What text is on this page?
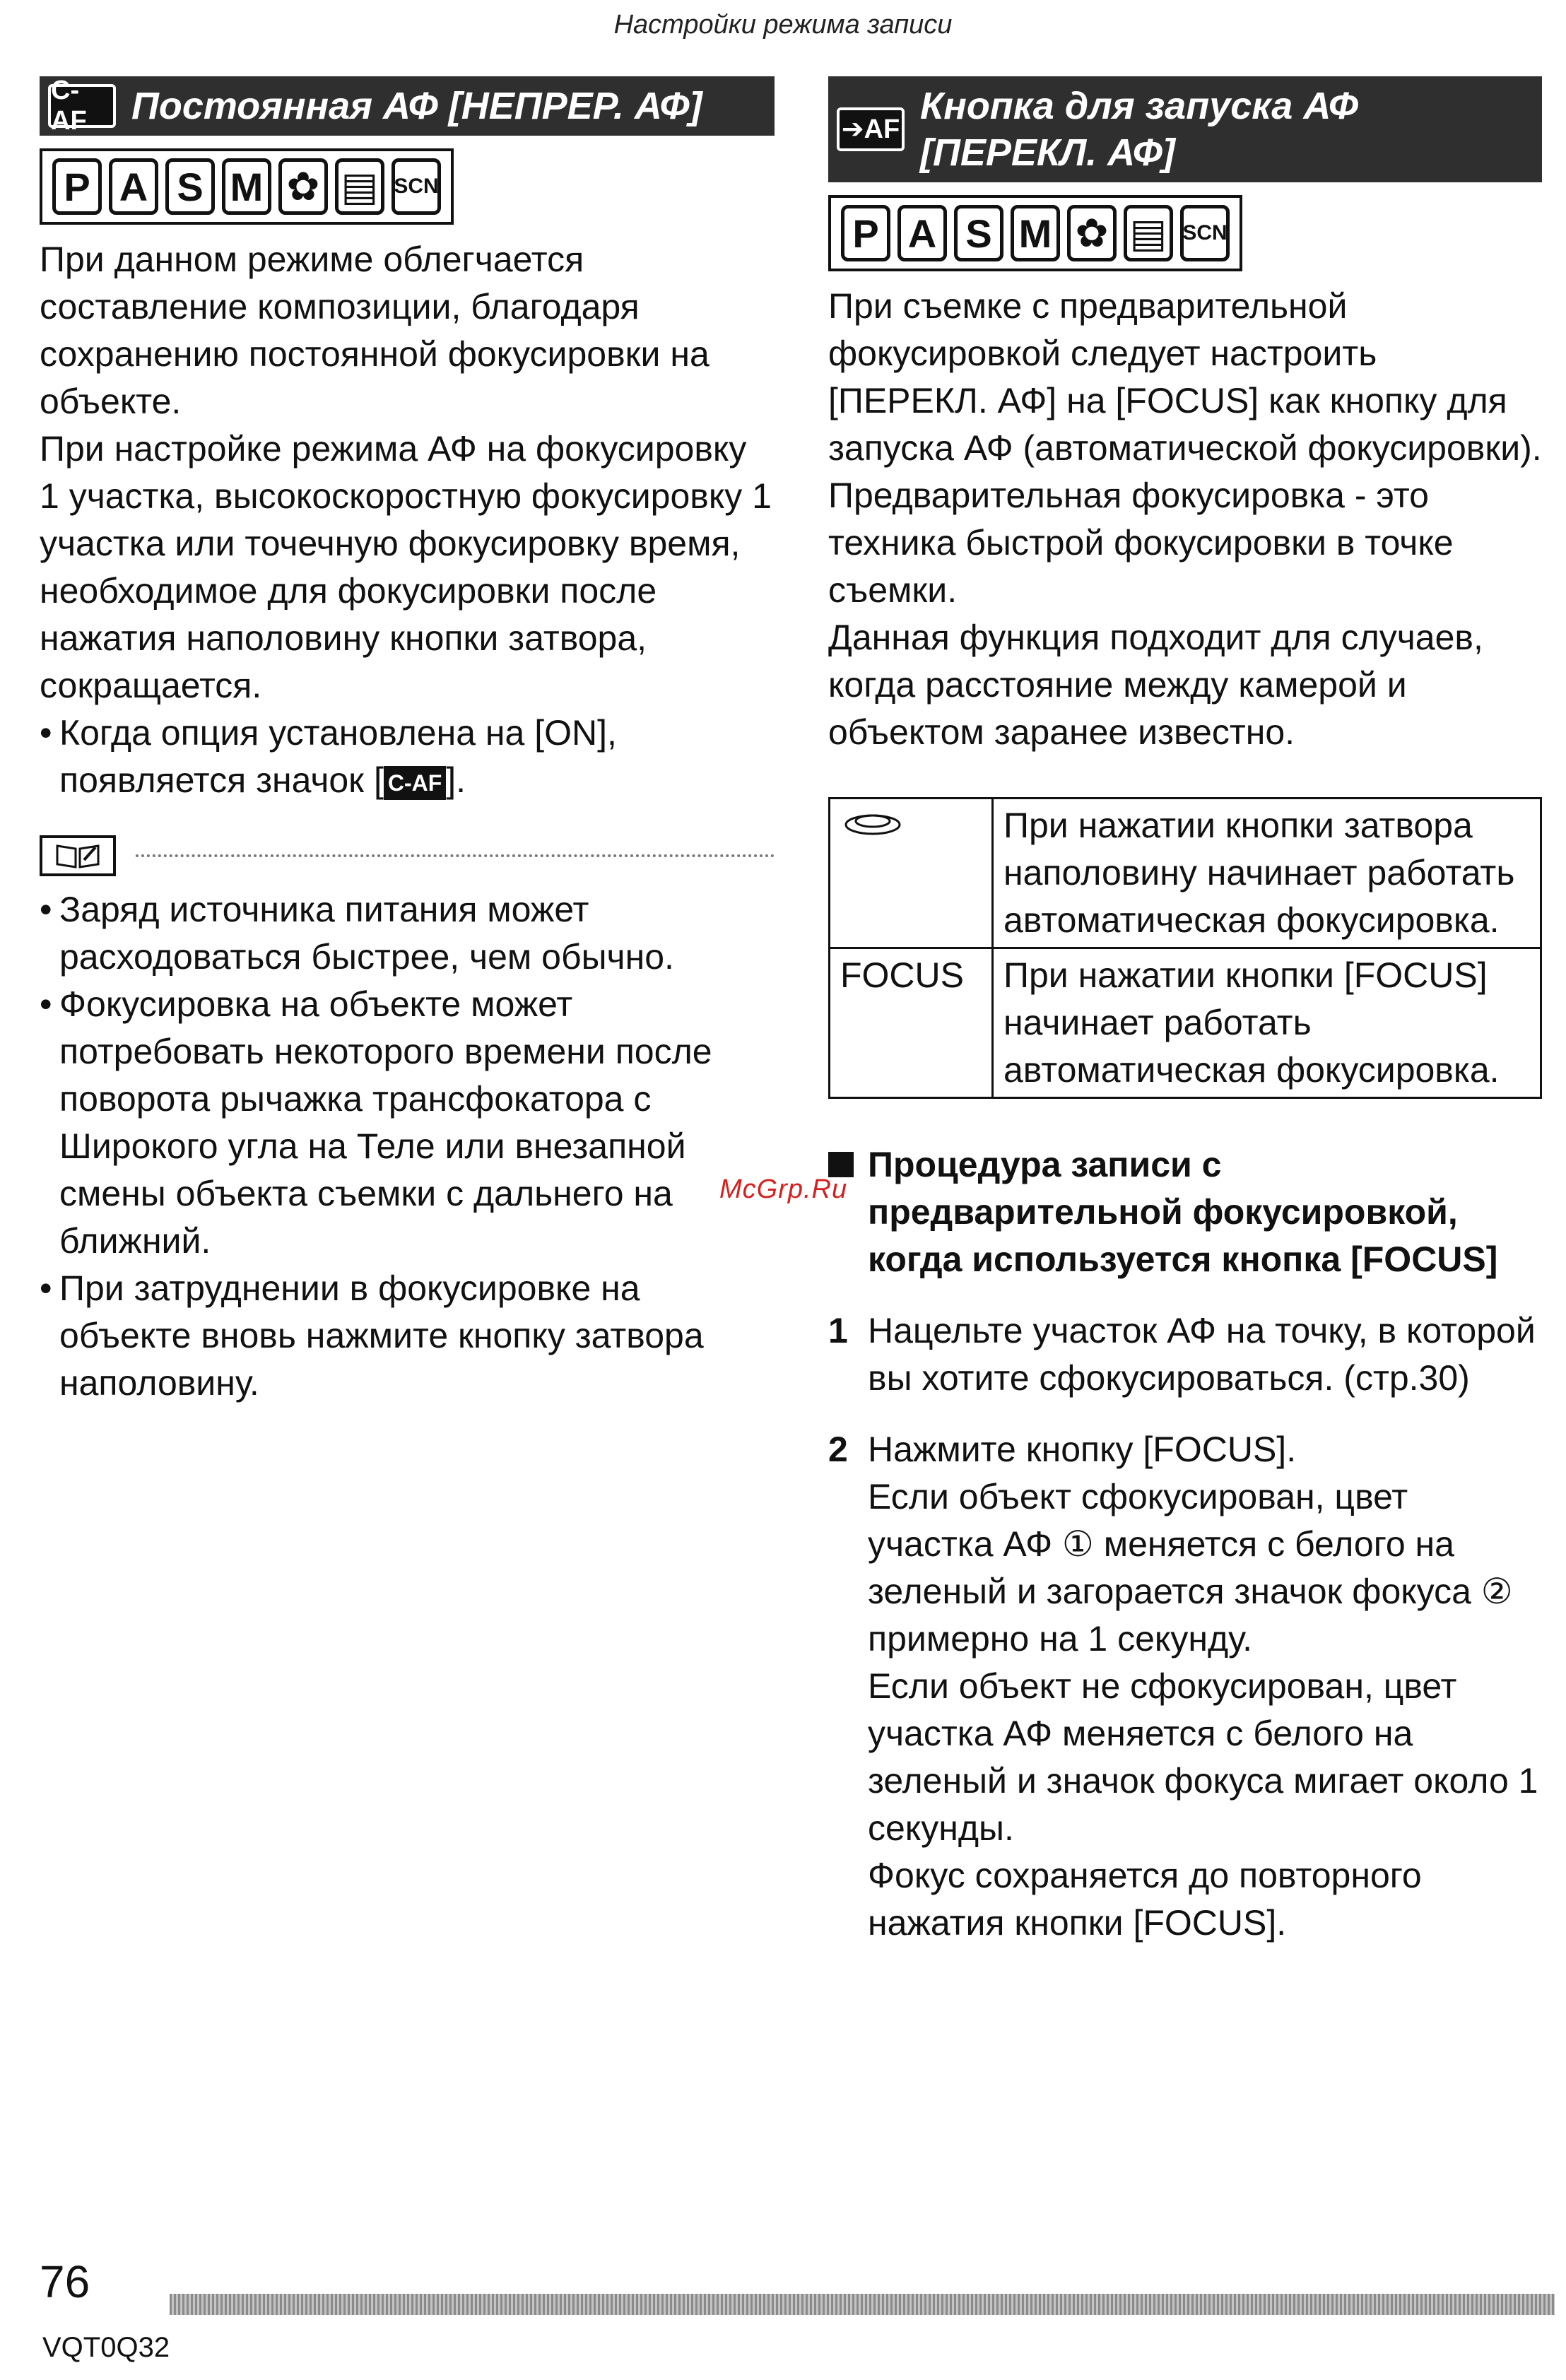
Настройки режима записи
C-AF	Постоянная АФ [НЕПРЕР. АФ]
P A S M ✿ ▤ SCN

При данном режиме облегчается составление композиции, благодаря сохранению постоянной фокусировки на объекте.

При настройке режима АФ на фокусировку 1 участка, высокоскоростную фокусировку 1 участка или точечную фокусировку время, необходимое для фокусировки после нажатия наполовину кнопки затвора, сокращается.

• Когда опция установлена на [ON], появляется значок [ C-AF ].
• Заряд источника питания может расходоваться быстрее, чем обычно.
• Фокусировка на объекте может потребовать некоторого времени после поворота рычажка трансфокатора с Широкого угла на Теле или внезапной смены объекта съемки с дальнего на ближний.
• При затруднении в фокусировке на объекте вновь нажмите кнопку затвора наполовину.
➔AF
Кнопка для запуска АФ
[ПЕРЕКЛ. АФ]
P A S M ✿ ▤ SCN

При съемке с предварительной фокусировкой следует настроить [ПЕРЕКЛ. АФ] на [FOCUS] как кнопку для запуска АФ (автоматической фокусировки).

Предварительная фокусировка - это техника быстрой фокусировки в точке съемки.

Данная функция подходит для случаев, когда расстояние между камерой и объектом заранее известно.

	При нажатии кнопки затвора наполовину начинает работать автоматическая фокусировка.
FOCUS	При нажатии кнопки [FOCUS] начинает работать автоматическая фокусировка.
Процедура записи с предварительной фокусировкой, когда используется кнопка [FOCUS]
1 Нацельте участок АФ на точку, в которой вы хотите сфокусироваться. (стр.30)
2 Нажмите кнопку [FOCUS].
Если объект сфокусирован, цвет участка АФ ① меняется с белого на зеленый и загорается значок фокуса ② примерно на 1 секунду.
Если объект не сфокусирован, цвет участка АФ меняется с белого на зеленый и значок фокуса мигает около 1 секунды.
Фокус сохраняется до повторного нажатия кнопки [FOCUS].
McGrp.Ru
76
VQT0Q32
